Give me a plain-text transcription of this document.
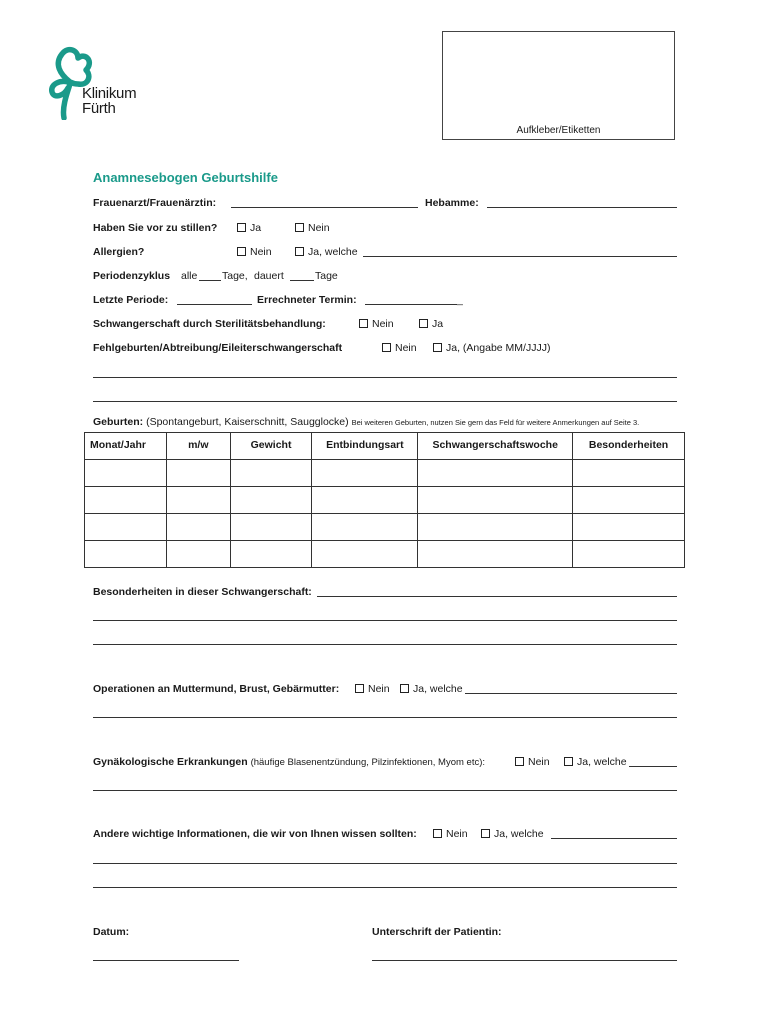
Klinikum
Fürth
Aufkleber/Etiketten
Anamnesebogen Geburtshilfe
Frauenarzt/Frauenärztin:	Hebamme:
Haben Sie vor zu stillen?	Ja	Nein
Allergien?	Nein	Ja, welche
Periodenzyklus alle Tage, dauert	Tage
Letzte Periode:	Errechneter Termin:	_
Schwangerschaft durch Sterilitätsbehandlung:	Nein	Ja
Fehlgeburten/Abtreibung/Eileiterschwangerschaft	Nein	Ja, (Angabe MM/JJJJ)
Geburten: (Spontangeburt, Kaiserschnitt, Saugglocke) Bei weiteren Geburten, nutzen Sie gern das Feld für weitere Anmerkungen auf Seite 3.
Monat/Jahr	m/w	Gewicht	Entbindungsart	Schwangerschaftswoche	Besonderheiten

Besonderheiten in dieser Schwangerschaft:
Operationen an Muttermund, Brust, Gebärmutter:	Nein	Ja, welche
Gynäkologische Erkrankungen (häufige Blasenentzündung, Pilzinfektionen, Myom etc):	Nein	Ja, welche
Andere wichtige Informationen, die wir von Ihnen wissen sollten:	Nein	Ja, welche
Datum:	Unterschrift der Patientin:
